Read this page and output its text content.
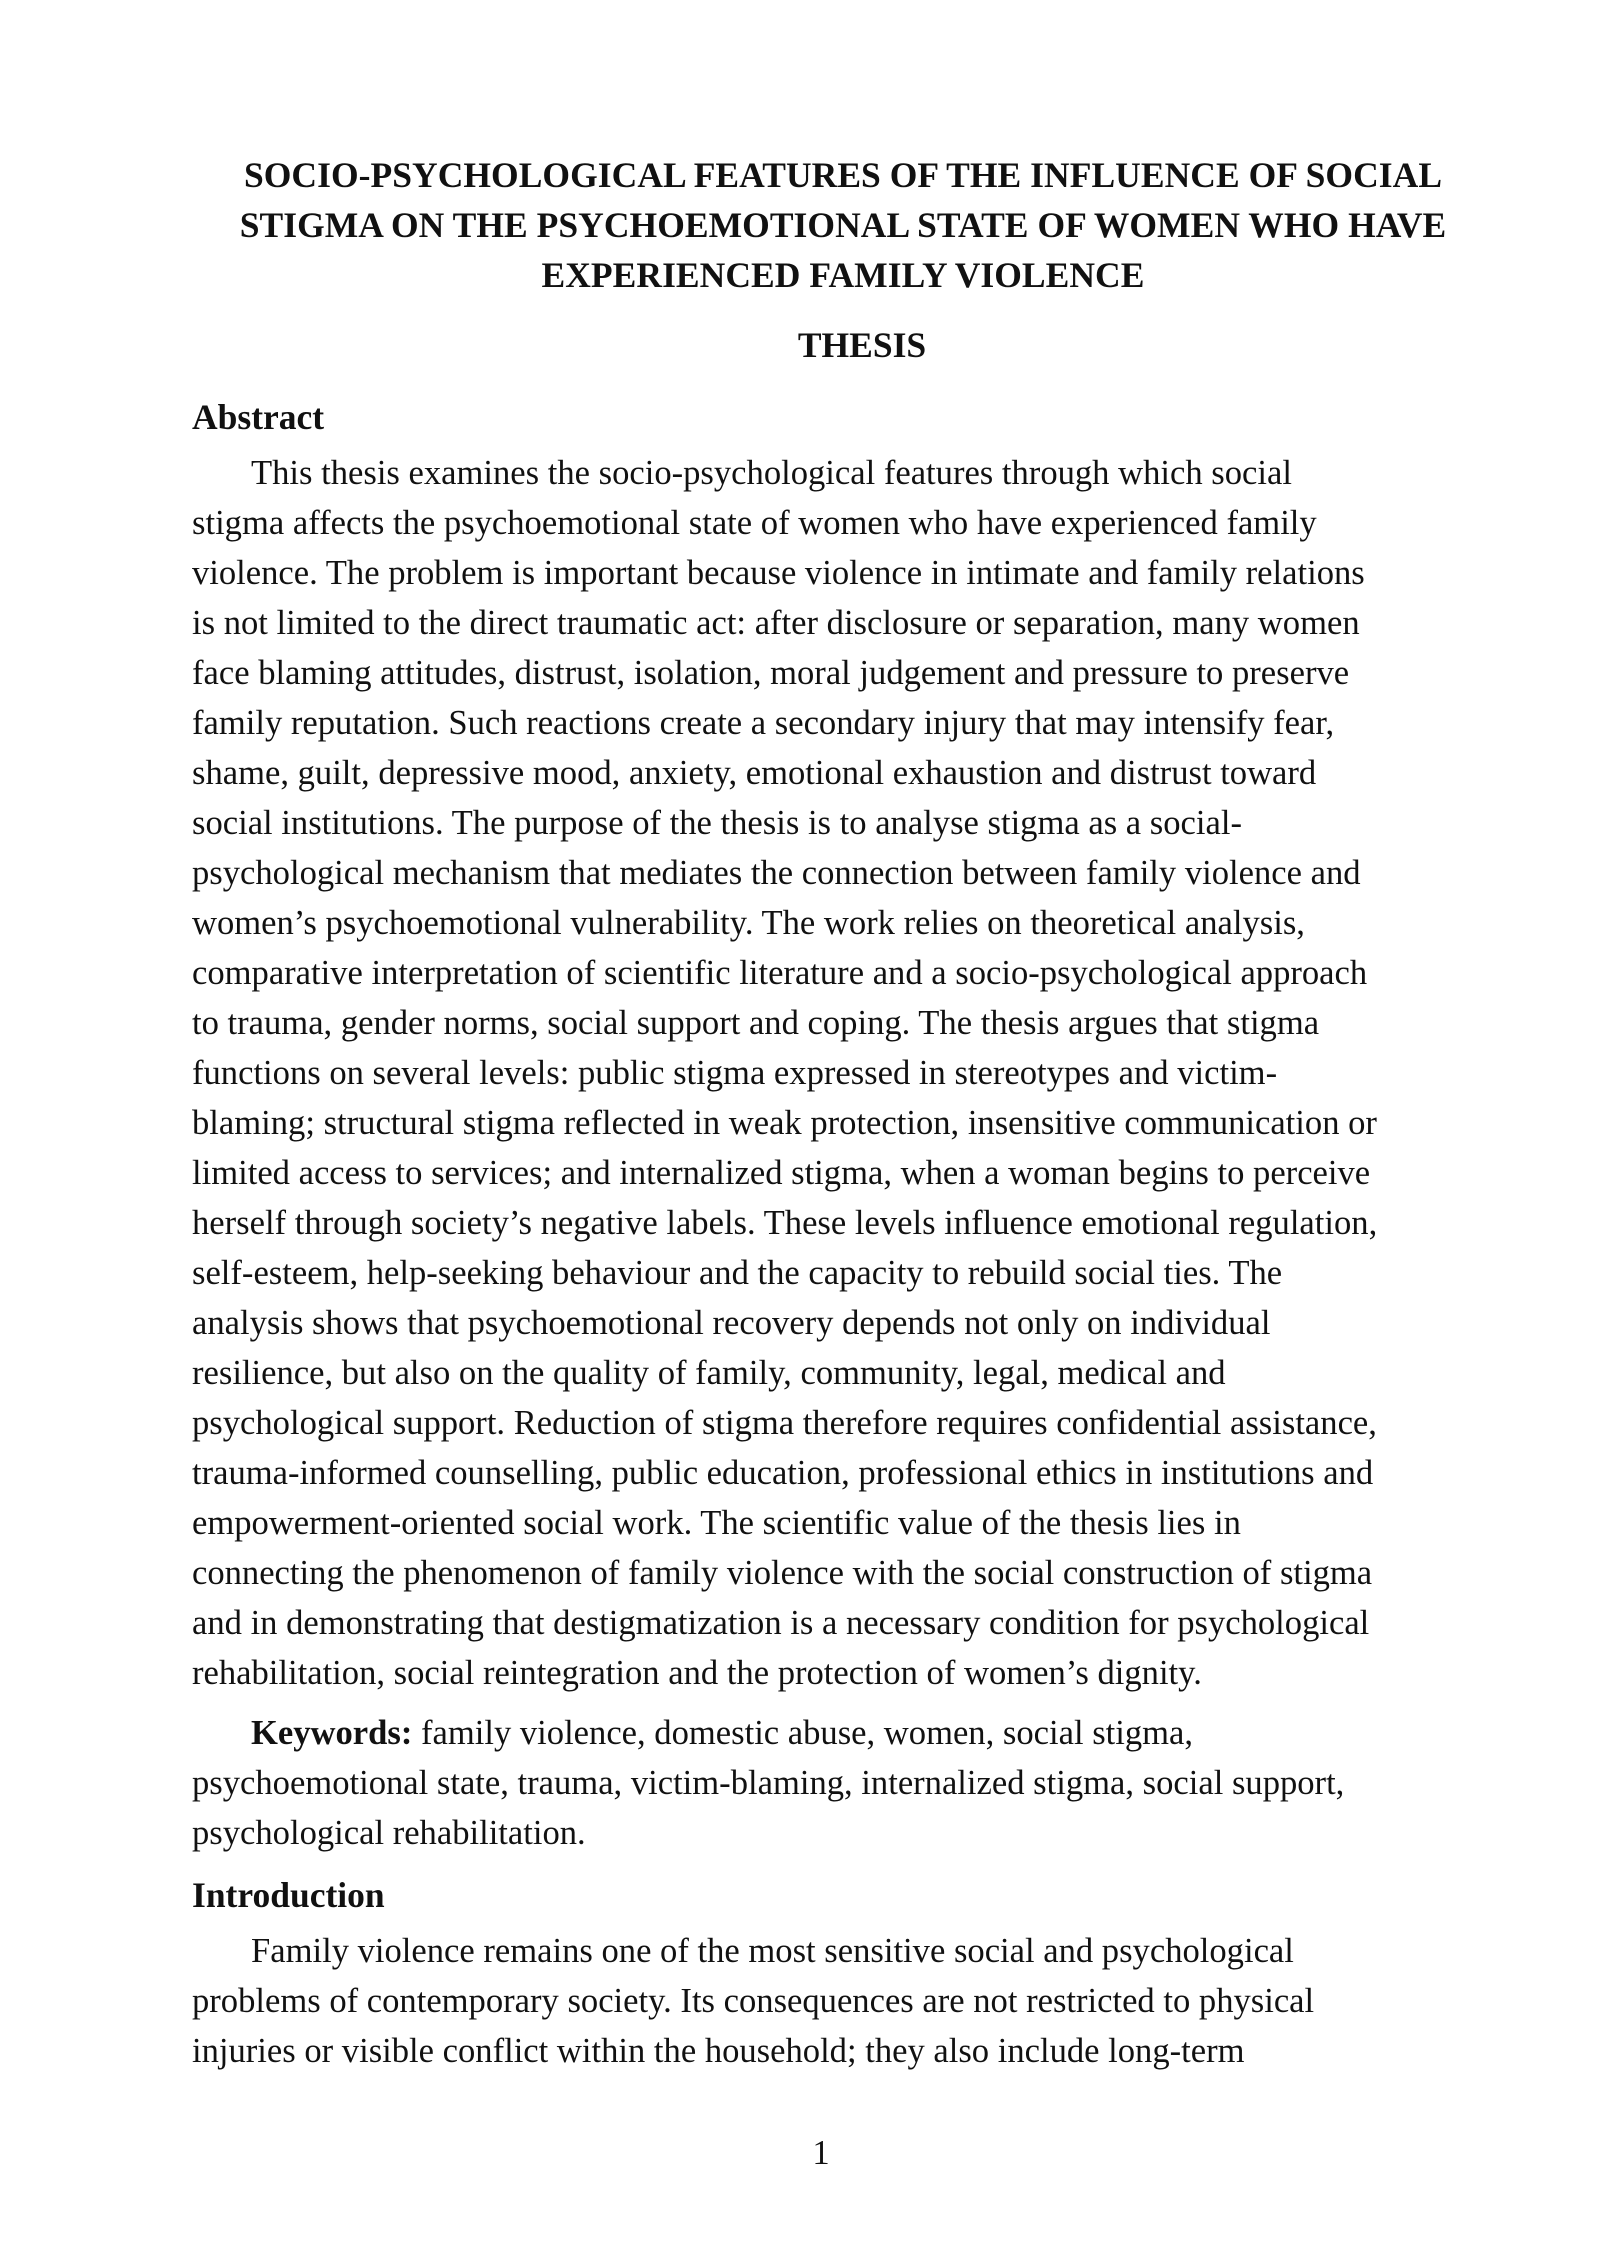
SOCIO-PSYCHOLOGICAL FEATURES OF THE INFLUENCE OF SOCIAL
STIGMA ON THE PSYCHOEMOTIONAL STATE OF WOMEN WHO HAVE
EXPERIENCED FAMILY VIOLENCE
THESIS
Abstract

This thesis examines the socio-psychological features through which social
stigma affects the psychoemotional state of women who have experienced family
violence. The problem is important because violence in intimate and family relations
is not limited to the direct traumatic act: after disclosure or separation, many women
face blaming attitudes, distrust, isolation, moral judgement and pressure to preserve
family reputation. Such reactions create a secondary injury that may intensify fear,
shame, guilt, depressive mood, anxiety, emotional exhaustion and distrust toward
social institutions. The purpose of the thesis is to analyse stigma as a social-
psychological mechanism that mediates the connection between family violence and
women’s psychoemotional vulnerability. The work relies on theoretical analysis,
comparative interpretation of scientific literature and a socio-psychological approach
to trauma, gender norms, social support and coping. The thesis argues that stigma
functions on several levels: public stigma expressed in stereotypes and victim-
blaming; structural stigma reflected in weak protection, insensitive communication or
limited access to services; and internalized stigma, when a woman begins to perceive
herself through society’s negative labels. These levels influence emotional regulation,
self-esteem, help-seeking behaviour and the capacity to rebuild social ties. The
analysis shows that psychoemotional recovery depends not only on individual
resilience, but also on the quality of family, community, legal, medical and
psychological support. Reduction of stigma therefore requires confidential assistance,
trauma-informed counselling, public education, professional ethics in institutions and
empowerment-oriented social work. The scientific value of the thesis lies in
connecting the phenomenon of family violence with the social construction of stigma
and in demonstrating that destigmatization is a necessary condition for psychological
rehabilitation, social reintegration and the protection of women’s dignity.

Keywords: family violence, domestic abuse, women, social stigma,
psychoemotional state, trauma, victim-blaming, internalized stigma, social support,
psychological rehabilitation.

Introduction

Family violence remains one of the most sensitive social and psychological
problems of contemporary society. Its consequences are not restricted to physical
injuries or visible conflict within the household; they also include long-term

1
